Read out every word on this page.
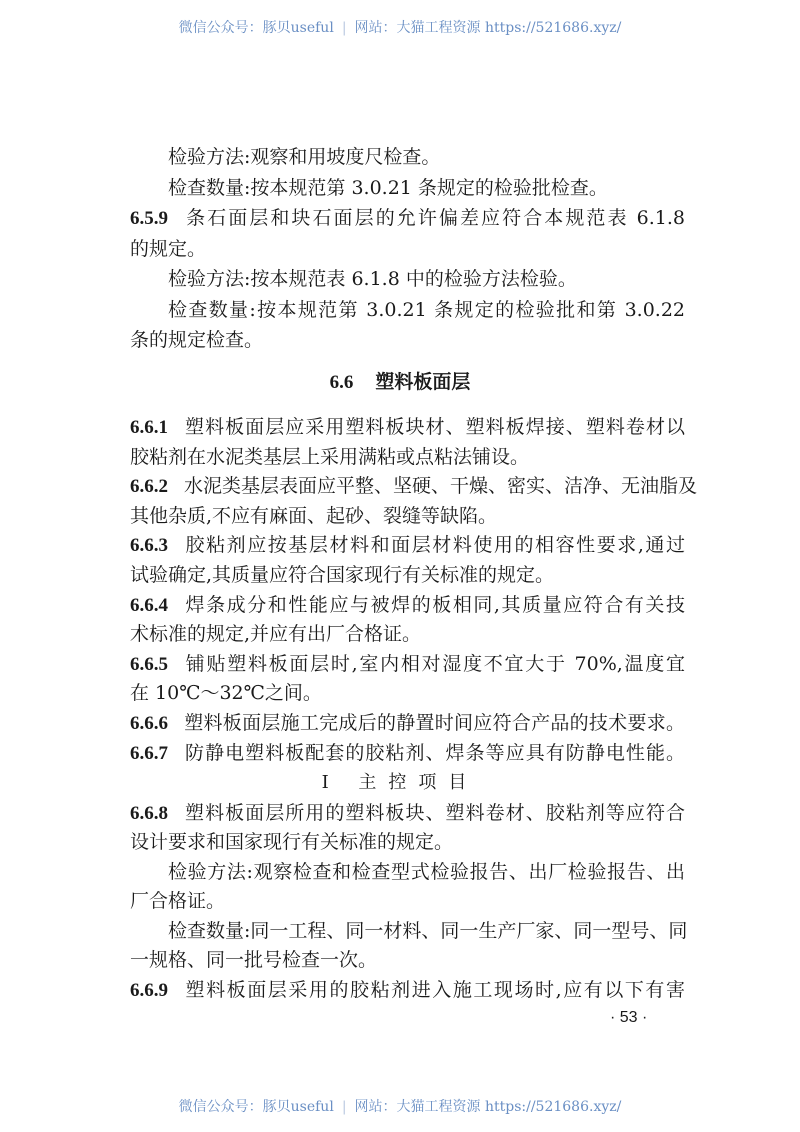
微信公众号：豚贝useful | 网站：大猫工程资源 https://521686.xyz/
检验方法:观察和用坡度尺检查。
检查数量:按本规范第 3.0.21 条规定的检验批检查。
6.5.9 条石面层和块石面层的允许偏差应符合本规范表 6.1.8
的规定。
检验方法:按本规范表 6.1.8 中的检验方法检验。
检查数量:按本规范第 3.0.21 条规定的检验批和第 3.0.22
条的规定检查。
6.6 塑料板面层
6.6.1 塑料板面层应采用塑料板块材、塑料板焊接、塑料卷材以
胶粘剂在水泥类基层上采用满粘或点粘法铺设。
6.6.2 水泥类基层表面应平整、坚硬、干燥、密实、洁净、无油脂及
其他杂质,不应有麻面、起砂、裂缝等缺陷。
6.6.3 胶粘剂应按基层材料和面层材料使用的相容性要求,通过
试验确定,其质量应符合国家现行有关标准的规定。
6.6.4 焊条成分和性能应与被焊的板相同,其质量应符合有关技
术标准的规定,并应有出厂合格证。
6.6.5 铺贴塑料板面层时,室内相对湿度不宜大于 70%,温度宜
在 10℃～32℃之间。
6.6.6 塑料板面层施工完成后的静置时间应符合产品的技术要求。
6.6.7 防静电塑料板配套的胶粘剂、焊条等应具有防静电性能。
Ⅰ 主控项目
6.6.8 塑料板面层所用的塑料板块、塑料卷材、胶粘剂等应符合
设计要求和国家现行有关标准的规定。
检验方法:观察检查和检查型式检验报告、出厂检验报告、出
厂合格证。
检查数量:同一工程、同一材料、同一生产厂家、同一型号、同
一规格、同一批号检查一次。
6.6.9 塑料板面层采用的胶粘剂进入施工现场时,应有以下有害
· 53 ·
微信公众号：豚贝useful | 网站：大猫工程资源 https://521686.xyz/
